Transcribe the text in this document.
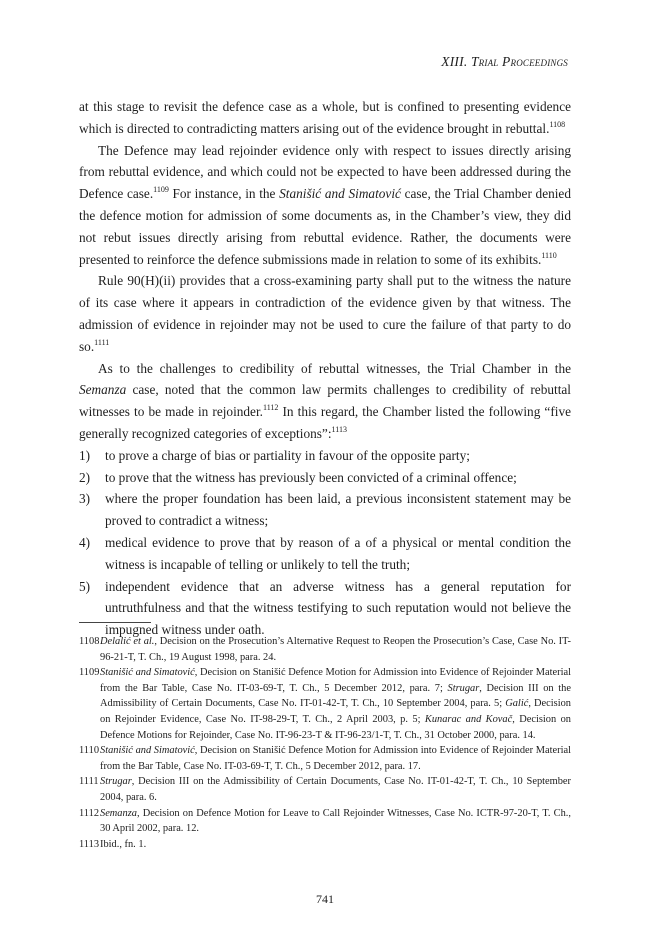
XIII. Trial Proceedings

at this stage to revisit the defence case as a whole, but is confined to presenting evidence which is directed to contradicting matters arising out of the evidence brought in rebuttal.$^{1108}$

The Defence may lead rejoinder evidence only with respect to issues directly arising from rebuttal evidence, and which could not be expected to have been addressed during the Defence case.$^{1109}$ For instance, in the Stanišić and Simatović case, the Trial Chamber denied the defence motion for admission of some documents as, in the Chamber’s view, they did not rebut issues directly arising from rebuttal evidence. Rather, the documents were presented to reinforce the defence submissions made in relation to some of its exhibits.$^{1110}$

Rule 90(H)(ii) provides that a cross-examining party shall put to the witness the nature of its case where it appears in contradiction of the evidence given by that witness. The admission of evidence in rejoinder may not be used to cure the failure of that party to do so.$^{1111}$

As to the challenges to credibility of rebuttal witnesses, the Trial Chamber in the Semanza case, noted that the common law permits challenges to credibility of rebuttal witnesses to be made in rejoinder.$^{1112}$ In this regard, the Chamber listed the following “five generally recognized categories of exceptions”:$^{1113}$

1) to prove a charge of bias or partiality in favour of the opposite party;
2) to prove that the witness has previously been convicted of a criminal offence;
3) where the proper foundation has been laid, a previous inconsistent statement may be proved to contradict a witness;
4) medical evidence to prove that by reason of a of a physical or mental condition the witness is incapable of telling or unlikely to tell the truth;
5) independent evidence that an adverse witness has a general reputation for untruthfulness and that the witness testifying to such reputation would not believe the impugned witness under oath.
1108 Delalić et al., Decision on the Prosecution’s Alternative Request to Reopen the Prosecution’s Case, Case No. IT-96-21-T, T. Ch., 19 August 1998, para. 24.
1109 Stanišić and Simatović, Decision on Stanišić Defence Motion for Admission into Evidence of Rejoinder Material from the Bar Table, Case No. IT-03-69-T, T. Ch., 5 December 2012, para. 7; Strugar, Decision III on the Admissibility of Certain Documents, Case No. IT-01-42-T, T. Ch., 10 September 2004, para. 5; Galić, Decision on Rejoinder Evidence, Case No. IT-98-29-T, T. Ch., 2 April 2003, p. 5; Kunarac and Kovač, Decision on Defence Motions for Rejoinder, Case No. IT-96-23-T & IT-96-23/1-T, T. Ch., 31 October 2000, para. 14.
1110 Stanišić and Simatović, Decision on Stanišić Defence Motion for Admission into Evidence of Rejoinder Material from the Bar Table, Case No. IT-03-69-T, T. Ch., 5 December 2012, para. 17.
1111 Strugar, Decision III on the Admissibility of Certain Documents, Case No. IT-01-42-T, T. Ch., 10 September 2004, para. 6.
1112 Semanza, Decision on Defence Motion for Leave to Call Rejoinder Witnesses, Case No. ICTR-97-20-T, T. Ch., 30 April 2002, para. 12.
1113 Ibid., fn. 1.
741
